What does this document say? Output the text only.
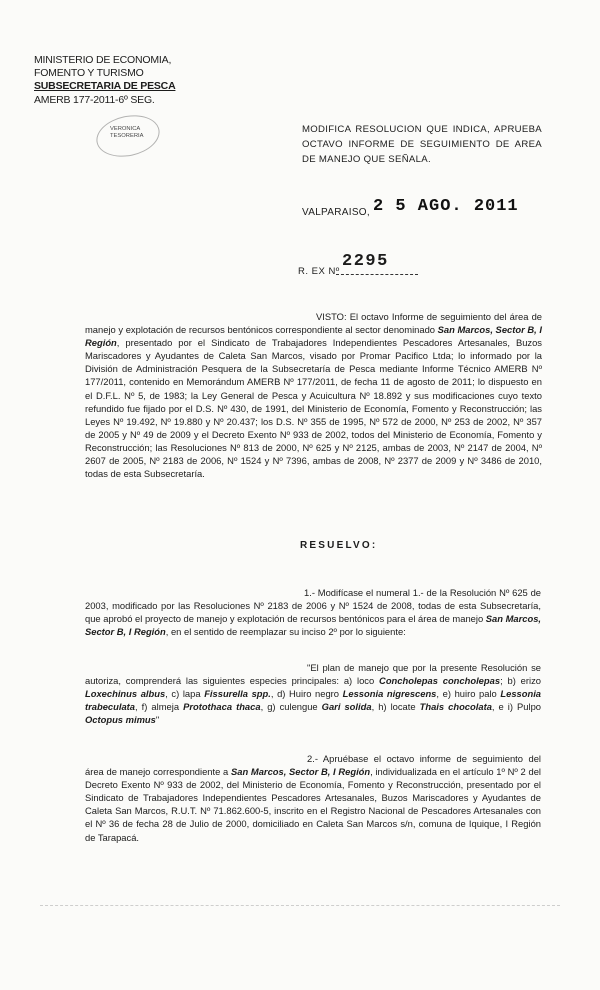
MINISTERIO DE ECONOMIA,
FOMENTO Y TURISMO
SUBSECRETARIA DE PESCA
AMERB 177-2011-6º SEG.
VERONICA
TESORERIA
MODIFICA RESOLUCION QUE INDICA, APRUEBA OCTAVO INFORME DE SEGUIMIENTO DE AREA DE MANEJO QUE SEÑALA.
VALPARAISO, 2 5 AGO. 2011
R. EX Nº
2295
VISTO: El octavo Informe de seguimiento del área de manejo y explotación de recursos bentónicos correspondiente al sector denominado San Marcos, Sector B, I Región, presentado por el Sindicato de Trabajadores Independientes Pescadores Artesanales, Buzos Mariscadores y Ayudantes de Caleta San Marcos, visado por Promar Pacifico Ltda; lo informado por la División de Administración Pesquera de la Subsecretaría de Pesca mediante Informe Técnico AMERB Nº 177/2011, contenido en Memorándum AMERB Nº 177/2011, de fecha 11 de agosto de 2011; lo dispuesto en el D.F.L. Nº 5, de 1983; la Ley General de Pesca y Acuicultura Nº 18.892 y sus modificaciones cuyo texto refundido fue fijado por el D.S. Nº 430, de 1991, del Ministerio de Economía, Fomento y Reconstrucción; las Leyes Nº 19.492, Nº 19.880 y Nº 20.437; los D.S. Nº 355 de 1995, Nº 572 de 2000, Nº 253 de 2002, Nº 357 de 2005 y Nº 49 de 2009 y el Decreto Exento Nº 933 de 2002, todos del Ministerio de Economía, Fomento y Reconstrucción; las Resoluciones Nº 813 de 2000, Nº 625 y Nº 2125, ambas de 2003, Nº 2147 de 2004, Nº 2607 de 2005, Nº 2183 de 2006, Nº 1524 y Nº 7396, ambas de 2008, Nº 2377 de 2009 y Nº 3486 de 2010, todas de esta Subsecretaría.
RESUELVO:
1.- Modifícase el numeral 1.- de la Resolución Nº 625 de 2003, modificado por las Resoluciones Nº 2183 de 2006 y Nº 1524 de 2008, todas de esta Subsecretaría, que aprobó el proyecto de manejo y explotación de recursos bentónicos para el área de manejo San Marcos, Sector B, I Región, en el sentido de reemplazar su inciso 2º por lo siguiente:
"El plan de manejo que por la presente Resolución se autoriza, comprenderá las siguientes especies principales: a) loco Concholepas concholepas; b) erizo Loxechinus albus, c) lapa Fissurella spp., d) Huiro negro Lessonia nigrescens, e) huiro palo Lessonia trabeculata, f) almeja Protothaca thaca, g) culengue Gari solida, h) locate Thais chocolata, e i) Pulpo Octopus mimus"
2.- Apruébase el octavo informe de seguimiento del área de manejo correspondiente a San Marcos, Sector B, I Región, individualizada en el artículo 1º Nº 2 del Decreto Exento Nº 933 de 2002, del Ministerio de Economía, Fomento y Reconstrucción, presentado por el Sindicato de Trabajadores Independientes Pescadores Artesanales, Buzos Mariscadores y Ayudantes de Caleta San Marcos, R.U.T. Nº 71.862.600-5, inscrito en el Registro Nacional de Pescadores Artesanales con el Nº 36 de fecha 28 de Julio de 2000, domiciliado en Caleta San Marcos s/n, comuna de Iquique, I Región de Tarapacá.
